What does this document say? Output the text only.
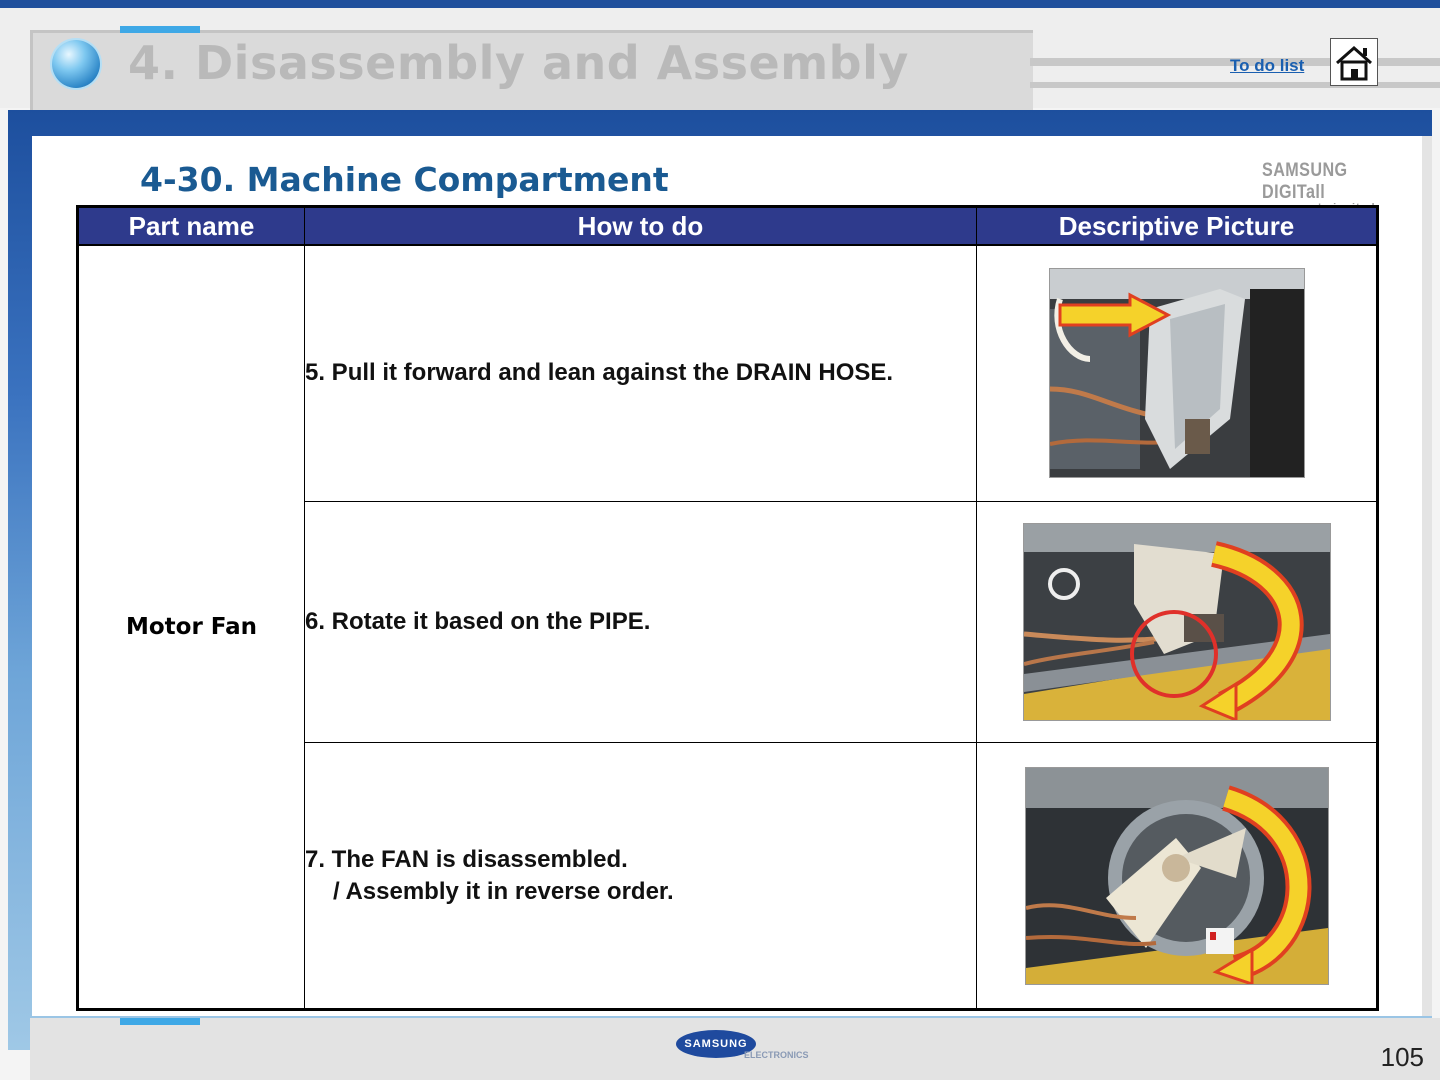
4. Disassembly and Assembly	To do list
4-30. Machine Compartment	SAMSUNG DIGITall
Part name	How to do	Descriptive Picture
Motor Fan	5. Pull it forward and lean against the DRAIN HOSE.	
	6. Rotate it based on the PIPE.	
	7. The FAN is disassembled.
/ Assembly it in reverse order.

SAMSUNG
ELECTRONICS	105
